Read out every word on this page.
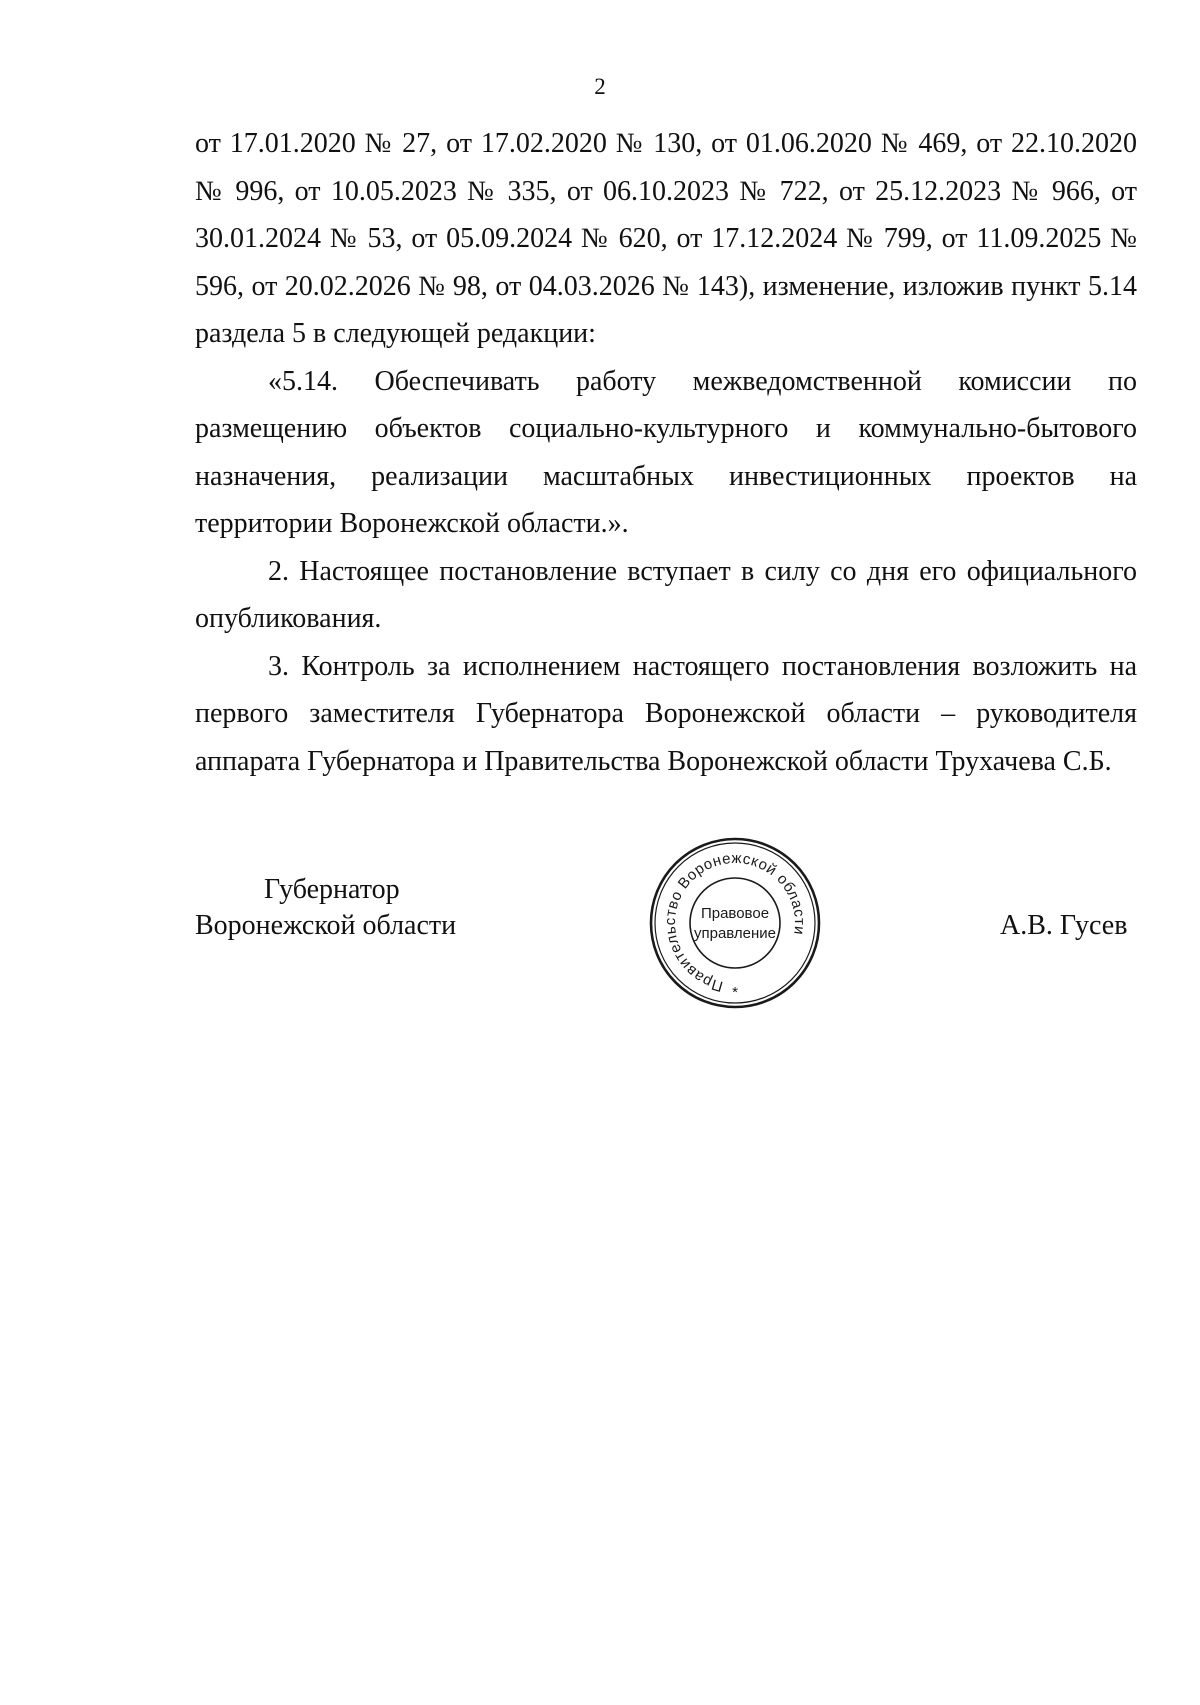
2

от 17.01.2020 № 27, от 17.02.2020 № 130, от 01.06.2020 № 469, от 22.10.2020 № 996, от 10.05.2023 № 335, от 06.10.2023 № 722, от 25.12.2023 № 966, от 30.01.2024 № 53, от 05.09.2024 № 620, от 17.12.2024 № 799, от 11.09.2025 № 596, от 20.02.2026 № 98, от 04.03.2026 № 143), изменение, изложив пункт 5.14 раздела 5 в следующей редакции:

«5.14. Обеспечивать работу межведомственной комиссии по размещению объектов социально-культурного и коммунально-бытового назначения, реализации масштабных инвестиционных проектов на территории Воронежской области.».

2. Настоящее постановление вступает в силу со дня его официального опубликования.

3. Контроль за исполнением настоящего постановления возложить на первого заместителя Губернатора Воронежской области – руководителя аппарата Губернатора и Правительства Воронежской области Трухачева С.Б.

Губернатор
Воронежской области	А.В. Гусев
Правительство Воронежской области
Правовое
управление
*
